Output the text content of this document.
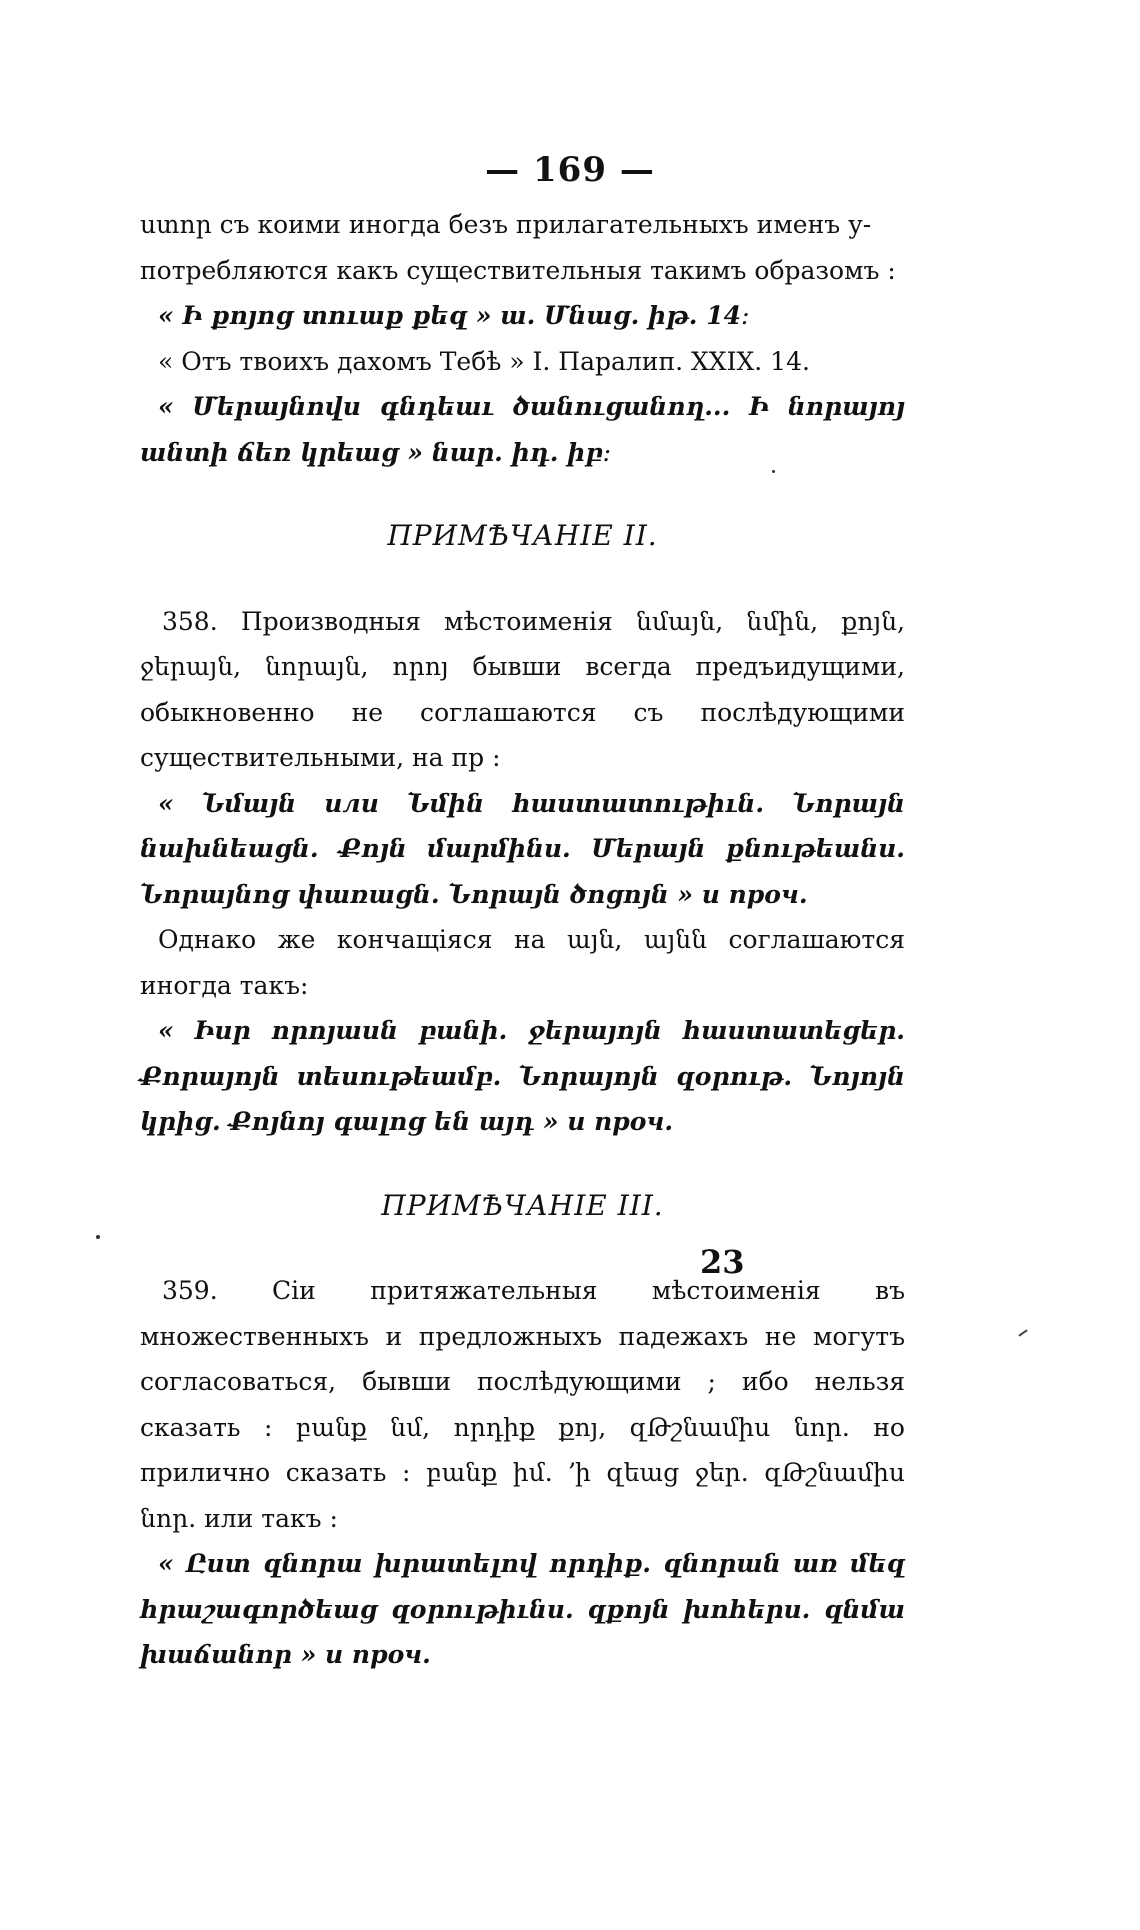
— 169 —

ստոր съ коими иногда безъ прилагательныхъ именъ у-

потребляются какъ существительныя такимъ образомъ :

« Ի քոյոց տուաք քեզ » ա. Մնաց. իթ. 14։

« Отъ твоихъ дахомъ Тебѣ » І. Паралип. XXIX. 14.

« Մերայնովս գնդեաւ ծանուցանող... Ի նորայոյ անտի ճեռ կրեաց » նար. իդ. իբ։

ПРИМѢЧАНІЕ II.

358. Производныя мѣстоименія նմայն, նմին, քոյն, ջերայն, նորայն, որոյ бывши всегда предъидущими, обыкновенно не соглашаются съ послѣдующими существительными, на пр :

« Նմայն или Նմին հաստատութիւն. Նորայն նախնեացն. Քոյն մարմինս. Մերայն քնութեանս. Նորայնոց փառացն. Նորայն ծոցոյն » и проч.

Однако же кончащіяся на այն, այնն соглашаются иногда такъ:

« Իսր որոյասն բանի. ջերայոյն հաստատեցեր. Քորայոյն տեսութեամբ. Նորայոյն զօրութ. Նոյոյն կրից. Քոյնոյ գալոց են այդ » и проч.

ПРИМѢЧАНІЕ III.

359. Сіи притяжательныя мѣстоименія въ множественныхъ и предложныхъ падежахъ не могутъ согласоваться, бывши послѣдующими ; ибо нельзя сказать : բանք նմ, որդիք քոյ, զԹշնամիս նոր. но прилично сказать : բանք իմ. ՚ի զեաց ջեր. զԹշնամիս նոր. или такъ :

« Ըստ զնորա խրատելով որդիք. զնորան առ մեզ հրաշագործեաց զօրութիւնս. զքոյն խոհերս. զնմա խաճանոր » и проч.

23
